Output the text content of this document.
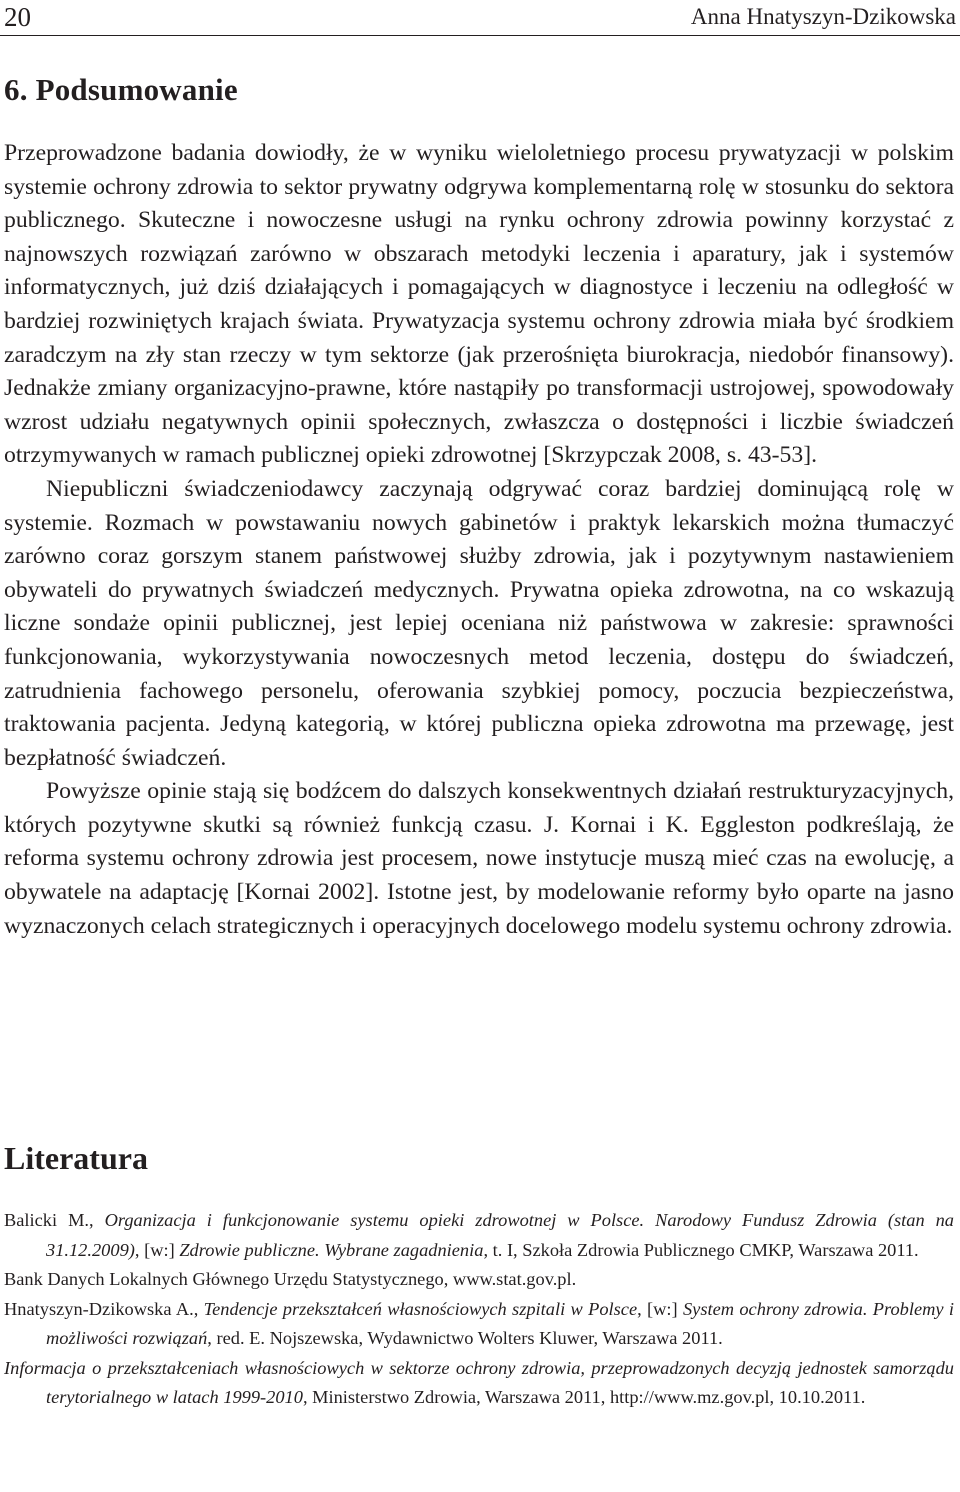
20	Anna Hnatyszyn-Dzikowska
6. Podsumowanie

Przeprowadzone badania dowiodły, że w wyniku wieloletniego procesu prywatyzacji w polskim systemie ochrony zdrowia to sektor prywatny odgrywa komplementarną rolę w stosunku do sektora publicznego. Skuteczne i nowoczesne usługi na rynku ochrony zdrowia powinny korzystać z najnowszych rozwiązań zarówno w obszarach metodyki leczenia i aparatury, jak i systemów informatycznych, już dziś działających i pomagających w diagnostyce i leczeniu na odległość w bardziej rozwiniętych krajach świata. Prywatyzacja systemu ochrony zdrowia miała być środkiem zaradczym na zły stan rzeczy w tym sektorze (jak przerośnięta biurokracja, niedobór finansowy). Jednakże zmiany organizacyjno-prawne, które nastąpiły po transformacji ustrojowej, spowodowały wzrost udziału negatywnych opinii społecznych, zwłaszcza o dostępności i liczbie świadczeń otrzymywanych w ramach publicznej opieki zdrowotnej [Skrzypczak 2008, s. 43-53].

Niepubliczni świadczeniodawcy zaczynają odgrywać coraz bardziej dominującą rolę w systemie. Rozmach w powstawaniu nowych gabinetów i praktyk lekarskich można tłumaczyć zarówno coraz gorszym stanem państwowej służby zdrowia, jak i pozytywnym nastawieniem obywateli do prywatnych świadczeń medycznych. Prywatna opieka zdrowotna, na co wskazują liczne sondaże opinii publicznej, jest lepiej oceniana niż państwowa w zakresie: sprawności funkcjonowania, wykorzystywania nowoczesnych metod leczenia, dostępu do świadczeń, zatrudnienia fachowego personelu, oferowania szybkiej pomocy, poczucia bezpieczeństwa, traktowania pacjenta. Jedyną kategorią, w której publiczna opieka zdrowotna ma przewagę, jest bezpłatność świadczeń.

Powyższe opinie stają się bodźcem do dalszych konsekwentnych działań restrukturyzacyjnych, których pozytywne skutki są również funkcją czasu. J. Kornai i K. Eggleston podkreślają, że reforma systemu ochrony zdrowia jest procesem, nowe instytucje muszą mieć czas na ewolucję, a obywatele na adaptację [Kornai 2002]. Istotne jest, by modelowanie reformy było oparte na jasno wyznaczonych celach strategicznych i operacyjnych docelowego modelu systemu ochrony zdrowia.

Literatura

Balicki M., Organizacja i funkcjonowanie systemu opieki zdrowotnej w Polsce. Narodowy Fundusz Zdrowia (stan na 31.12.2009), [w:] Zdrowie publiczne. Wybrane zagadnienia, t. I, Szkoła Zdrowia Publicznego CMKP, Warszawa 2011.

Bank Danych Lokalnych Głównego Urzędu Statystycznego, www.stat.gov.pl.

Hnatyszyn-Dzikowska A., Tendencje przekształceń własnościowych szpitali w Polsce, [w:] System ochrony zdrowia. Problemy i możliwości rozwiązań, red. E. Nojszewska, Wydawnictwo Wolters Kluwer, Warszawa 2011.

Informacja o przekształceniach własnościowych w sektorze ochrony zdrowia, przeprowadzonych decyzją jednostek samorządu terytorialnego w latach 1999-2010, Ministerstwo Zdrowia, Warszawa 2011, http://www.mz.gov.pl, 10.10.2011.
